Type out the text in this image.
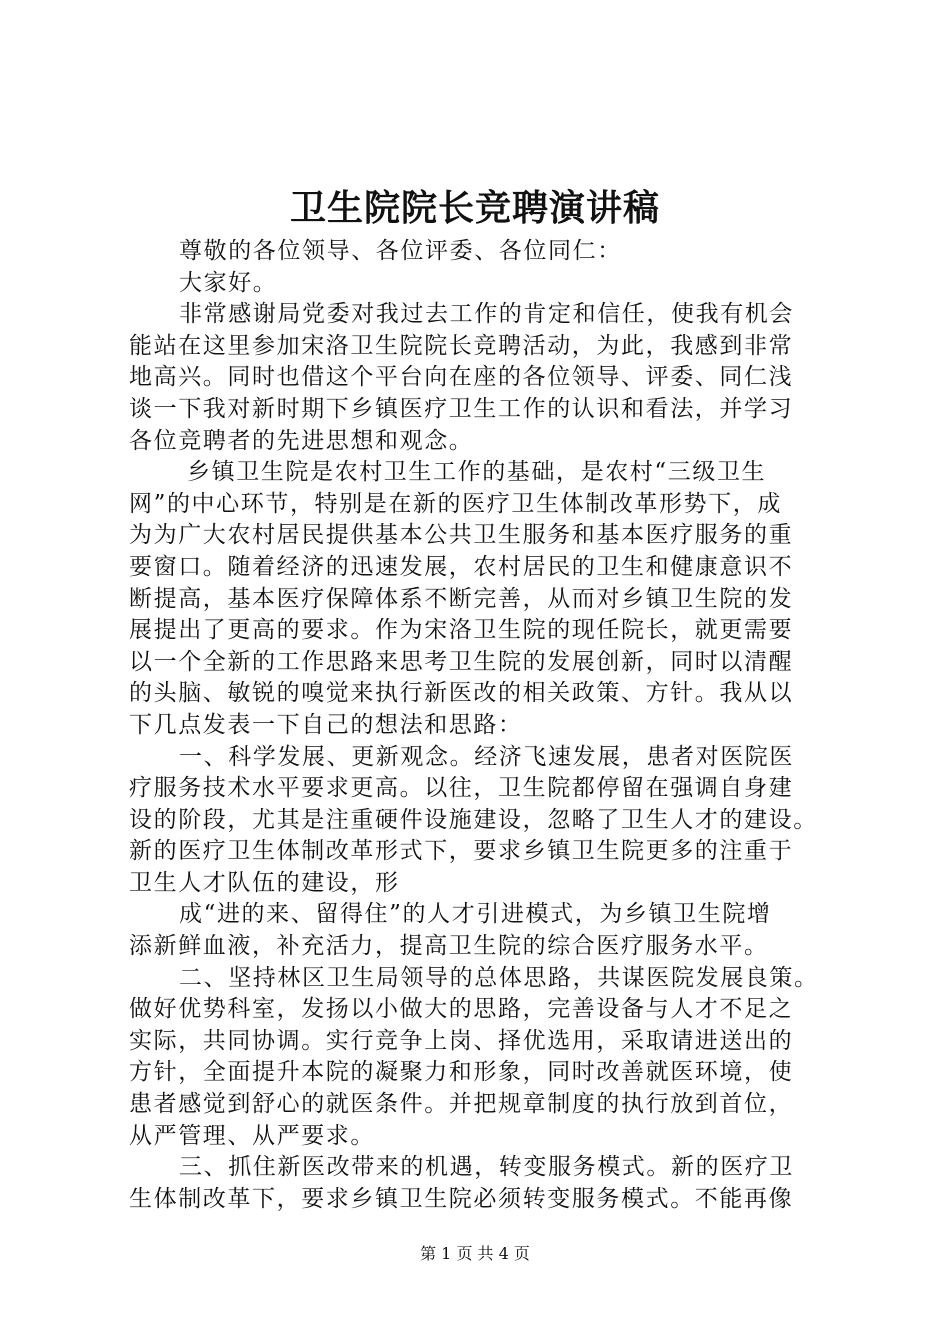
卫生院院长竞聘演讲稿
尊敬的各位领导、各位评委、各位同仁：
大家好。
非常感谢局党委对我过去工作的肯定和信任，使我有机会
能站在这里参加宋洛卫生院院长竞聘活动，为此，我感到非常
地高兴。同时也借这个平台向在座的各位领导、评委、同仁浅
谈一下我对新时期下乡镇医疗卫生工作的认识和看法，并学习
各位竞聘者的先进思想和观念。
乡镇卫生院是农村卫生工作的基础，是农村“三级卫生
网”的中心环节，特别是在新的医疗卫生体制改革形势下，成
为为广大农村居民提供基本公共卫生服务和基本医疗服务的重
要窗口。随着经济的迅速发展，农村居民的卫生和健康意识不
断提高，基本医疗保障体系不断完善，从而对乡镇卫生院的发
展提出了更高的要求。作为宋洛卫生院的现任院长，就更需要
以一个全新的工作思路来思考卫生院的发展创新，同时以清醒
的头脑、敏锐的嗅觉来执行新医改的相关政策、方针。我从以
下几点发表一下自己的想法和思路：
一、科学发展、更新观念。经济飞速发展，患者对医院医
疗服务技术水平要求更高。以往，卫生院都停留在强调自身建
设的阶段，尤其是注重硬件设施建设，忽略了卫生人才的建设。
新的医疗卫生体制改革形式下，要求乡镇卫生院更多的注重于
卫生人才队伍的建设，形
成“进的来、留得住”的人才引进模式，为乡镇卫生院增
添新鲜血液，补充活力，提高卫生院的综合医疗服务水平。
二、坚持林区卫生局领导的总体思路，共谋医院发展良策。
做好优势科室，发扬以小做大的思路，完善设备与人才不足之
实际，共同协调。实行竞争上岗、择优选用，采取请进送出的
方针，全面提升本院的凝聚力和形象，同时改善就医环境，使
患者感觉到舒心的就医条件。并把规章制度的执行放到首位，
从严管理、从严要求。
三、抓住新医改带来的机遇，转变服务模式。新的医疗卫
生体制改革下，要求乡镇卫生院必须转变服务模式。不能再像
第 1 页 共 4 页
